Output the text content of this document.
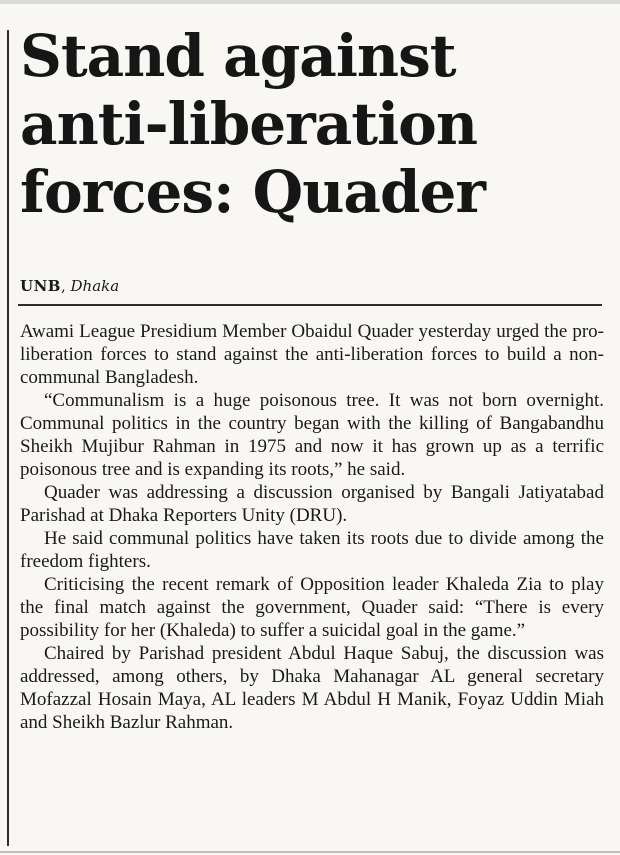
Stand against
anti-liberation
forces: Quader
UNB, Dhaka

Awami League Presidium Member Obaidul Quader yesterday urged the pro-liberation forces to stand against the anti-liberation forces to build a non-communal Bangladesh.

“Communalism is a huge poisonous tree. It was not born overnight. Communal politics in the country began with the killing of Bangabandhu Sheikh Mujibur Rahman in 1975 and now it has grown up as a terrific poisonous tree and is expanding its roots,” he said.

Quader was addressing a discussion organised by Bangali Jatiyatabad Parishad at Dhaka Reporters Unity (DRU).

He said communal politics have taken its roots due to divide among the freedom fighters.

Criticising the recent remark of Opposition leader Khaleda Zia to play the final match against the government, Quader said: “There is every possibility for her (Khaleda) to suffer a suicidal goal in the game.”

Chaired by Parishad president Abdul Haque Sabuj, the discussion was addressed, among others, by Dhaka Mahanagar AL general secretary Mofazzal Hosain Maya, AL leaders M Abdul H Manik, Foyaz Uddin Miah and Sheikh Bazlur Rahman.
